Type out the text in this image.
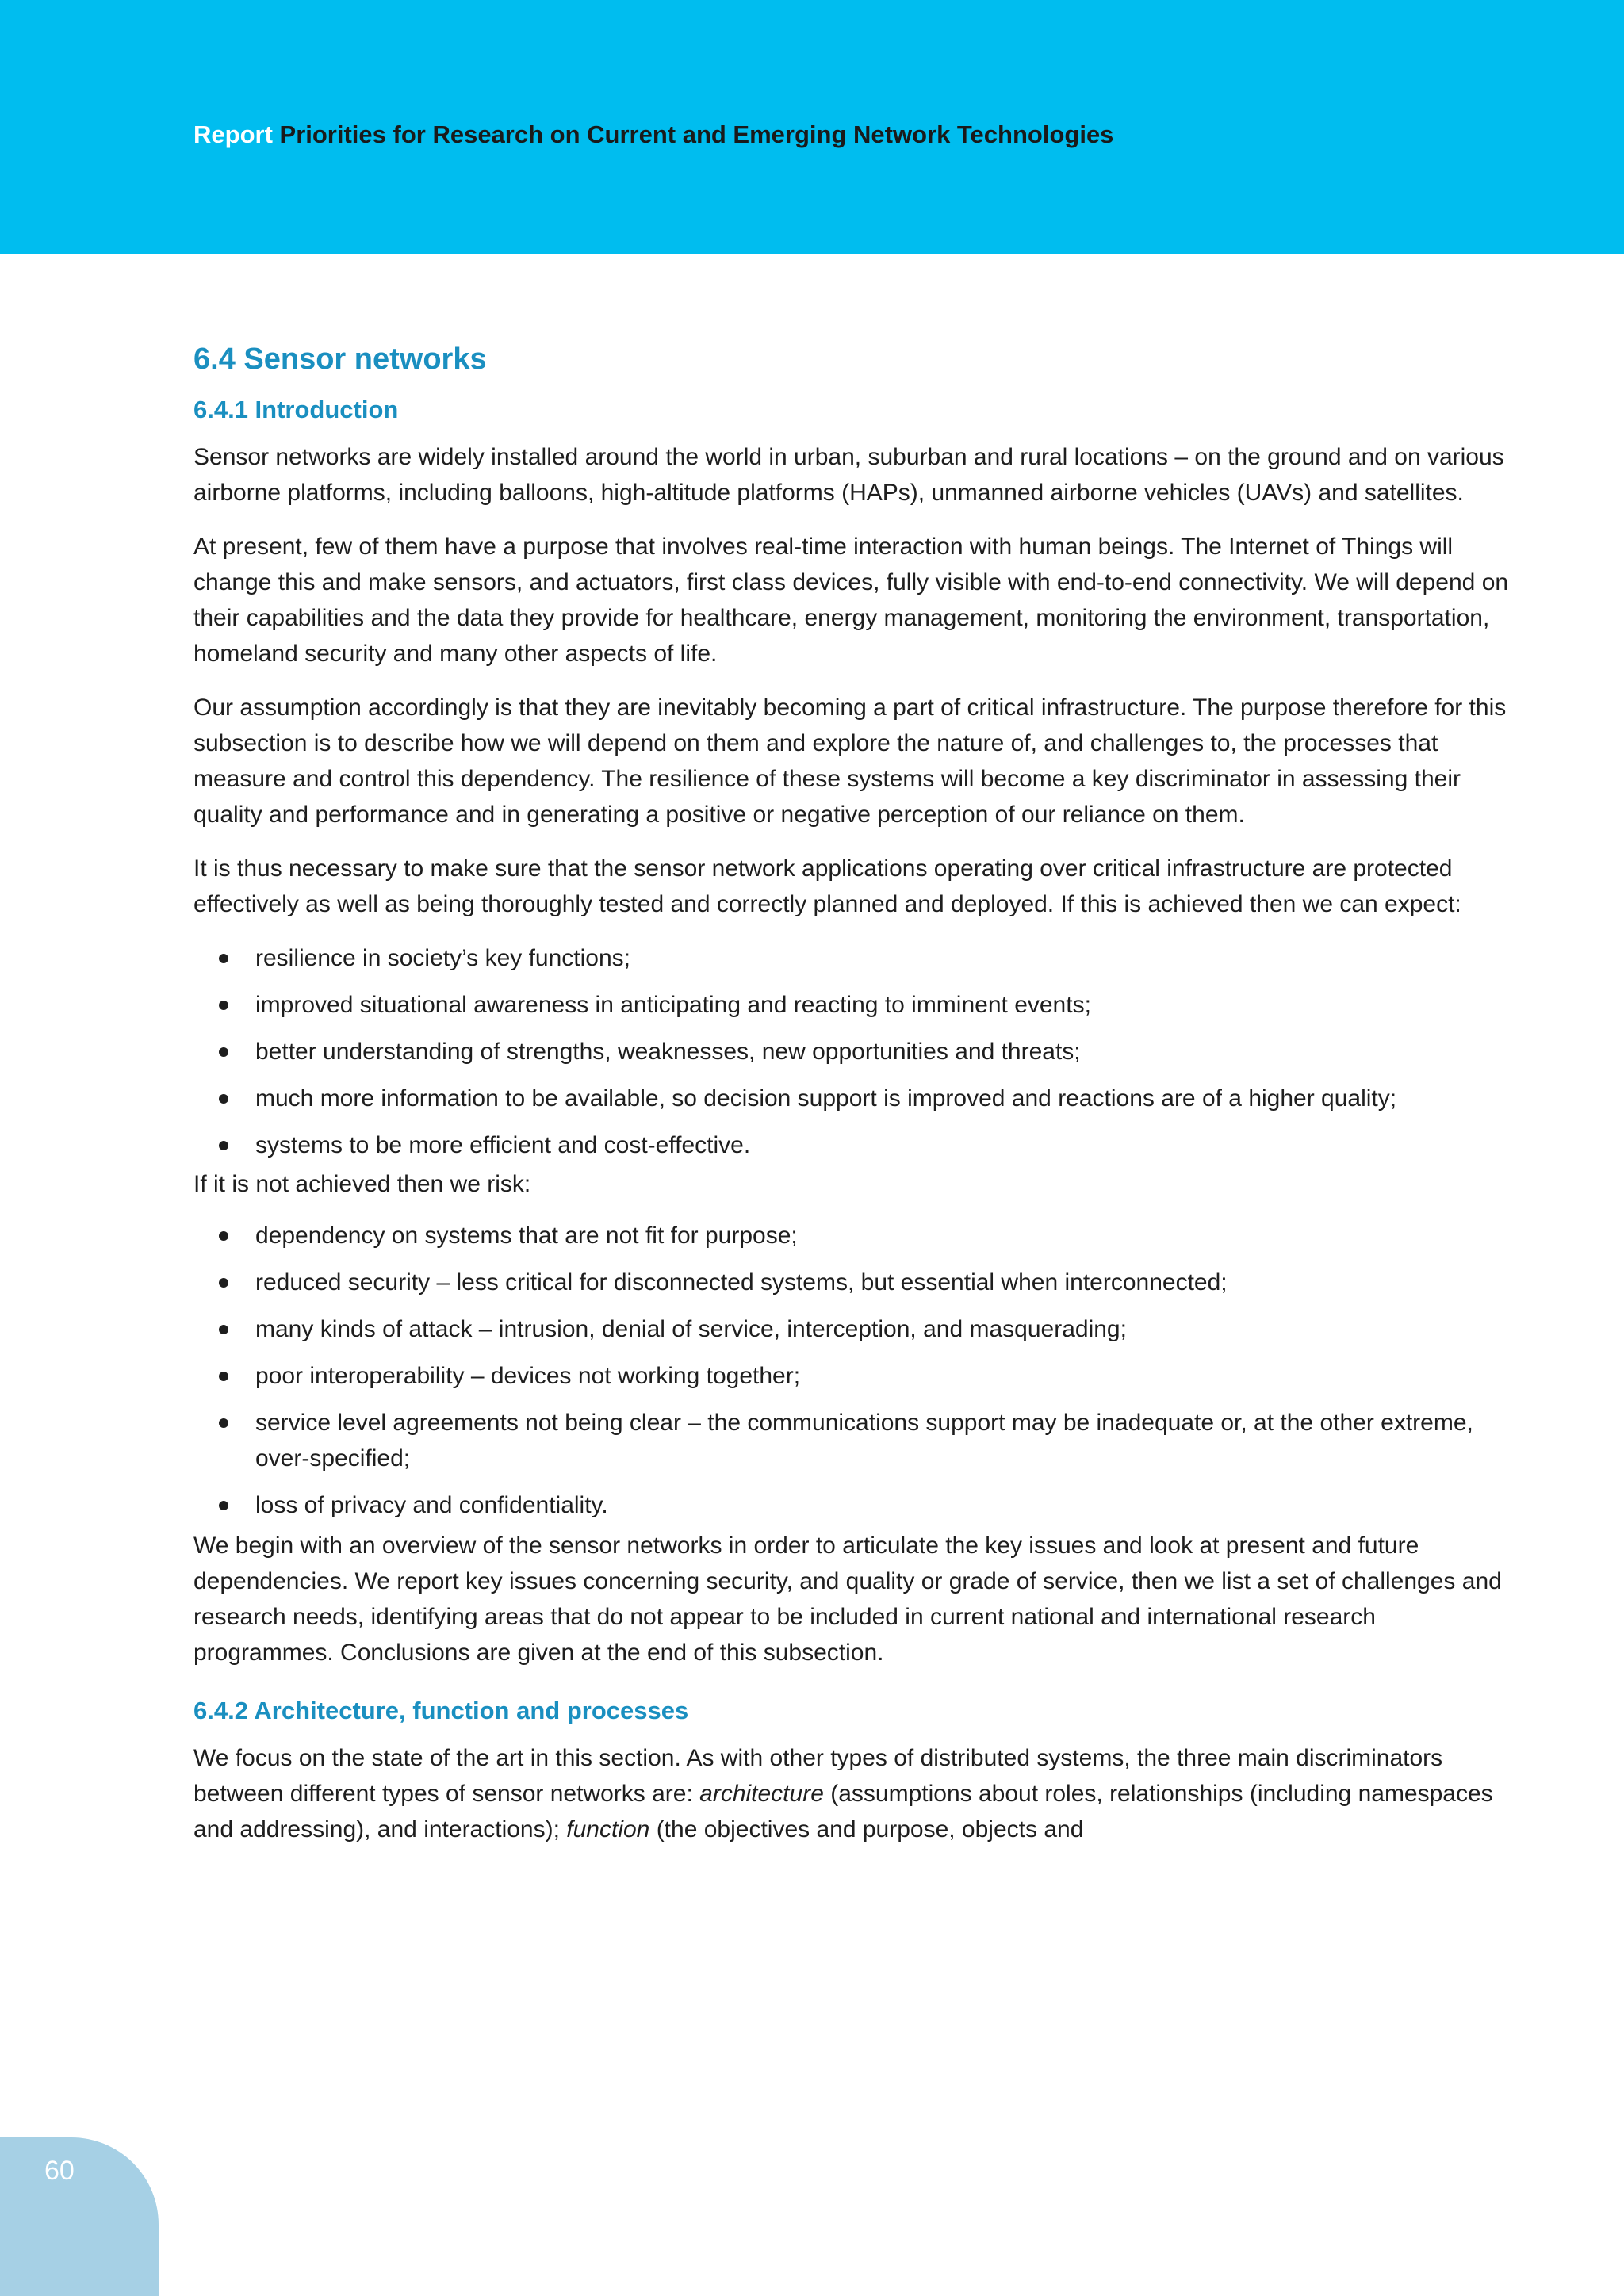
Report Priorities for Research on Current and Emerging Network Technologies
6.4 Sensor networks
6.4.1 Introduction

Sensor networks are widely installed around the world in urban, suburban and rural locations – on the ground and on various airborne platforms, including balloons, high-altitude platforms (HAPs), unmanned airborne vehicles (UAVs) and satellites.

At present, few of them have a purpose that involves real-time interaction with human beings. The Internet of Things will change this and make sensors, and actuators, first class devices, fully visible with end-to-end connectivity. We will depend on their capabilities and the data they provide for healthcare, energy management, monitoring the environment, transportation, homeland security and many other aspects of life.

Our assumption accordingly is that they are inevitably becoming a part of critical infrastructure. The purpose therefore for this subsection is to describe how we will depend on them and explore the nature of, and challenges to, the processes that measure and control this dependency. The resilience of these systems will become a key discriminator in assessing their quality and performance and in generating a positive or negative perception of our reliance on them.

It is thus necessary to make sure that the sensor network applications operating over critical infrastructure are protected effectively as well as being thoroughly tested and correctly planned and deployed. If this is achieved then we can expect:

resilience in society’s key functions;
improved situational awareness in anticipating and reacting to imminent events;
better understanding of strengths, weaknesses, new opportunities and threats;
much more information to be available, so decision support is improved and reactions are of a higher quality;
systems to be more efficient and cost-effective.

If it is not achieved then we risk:

dependency on systems that are not fit for purpose;
reduced security – less critical for disconnected systems, but essential when interconnected;
many kinds of attack – intrusion, denial of service, interception, and masquerading;
poor interoperability – devices not working together;
service level agreements not being clear – the communications support may be inadequate or, at the other extreme, over-specified;
loss of privacy and confidentiality.

We begin with an overview of the sensor networks in order to articulate the key issues and look at present and future dependencies. We report key issues concerning security, and quality or grade of service, then we list a set of challenges and research needs, identifying areas that do not appear to be included in current national and international research programmes. Conclusions are given at the end of this subsection.

6.4.2 Architecture, function and processes

We focus on the state of the art in this section. As with other types of distributed systems, the three main discriminators between different types of sensor networks are: architecture (assumptions about roles, relationships (including namespaces and addressing), and interactions); function (the objectives and purpose, objects and

60
